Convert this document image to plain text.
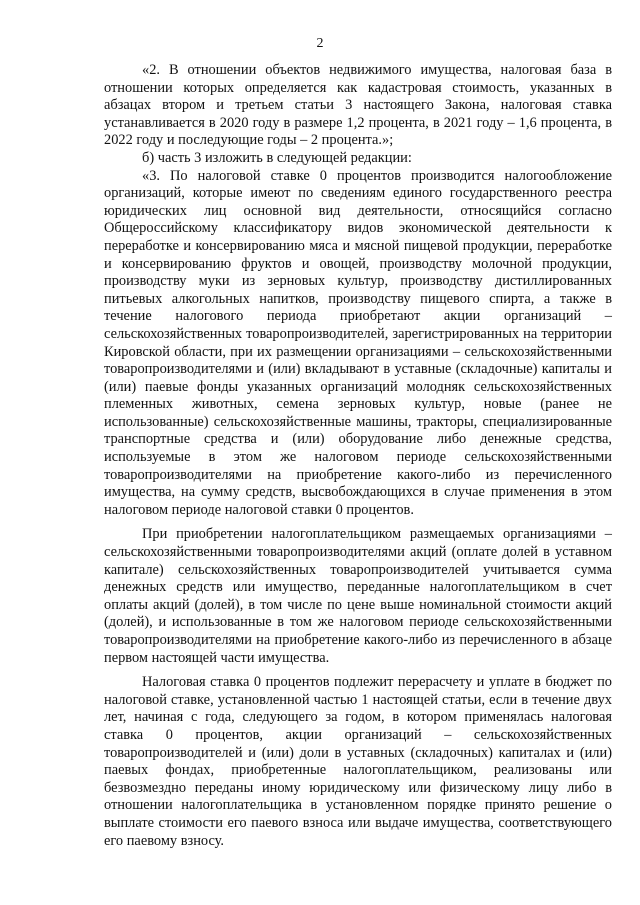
2

«2. В отношении объектов недвижимого имущества, налоговая база в отношении которых определяется как кадастровая стоимость, указанных в абзацах втором и третьем статьи 3 настоящего Закона, налоговая ставка устанавливается в 2020 году в размере 1,2 процента, в 2021 году – 1,6 процента, в 2022 году и последующие годы – 2 процента.»;

б) часть 3 изложить в следующей редакции:

«3. По налоговой ставке 0 процентов производится налогообложение организаций, которые имеют по сведениям единого государственного реестра юридических лиц основной вид деятельности, относящийся согласно Общероссийскому классификатору видов экономической деятельности к переработке и консервированию мяса и мясной пищевой продукции, переработке и консервированию фруктов и овощей, производству молочной продукции, производству муки из зерновых культур, производству дистиллированных питьевых алкогольных напитков, производству пищевого спирта, а также в течение налогового периода приобретают акции организаций – сельскохозяйственных товаропроизводителей, зарегистрированных на территории Кировской области, при их размещении организациями – сельскохозяйственными товаропроизводителями и (или) вкладывают в уставные (складочные) капиталы и (или) паевые фонды указанных организаций молодняк сельскохозяйственных племенных животных, семена зерновых культур, новые (ранее не использованные) сельскохозяйственные машины, тракторы, специализированные транспортные средства и (или) оборудование либо денежные средства, используемые в этом же налоговом периоде сельскохозяйственными товаропроизводителями на приобретение какого-либо из перечисленного имущества, на сумму средств, высвобождающихся в случае применения в этом налоговом периоде налоговой ставки 0 процентов.

При приобретении налогоплательщиком размещаемых организациями – сельскохозяйственными товаропроизводителями акций (оплате долей в уставном капитале) сельскохозяйственных товаропроизводителей учитывается сумма денежных средств или имущество, переданные налогоплательщиком в счет оплаты акций (долей), в том числе по цене выше номинальной стоимости акций (долей), и использованные в том же налоговом периоде сельскохозяйственными товаропроизводителями на приобретение какого-либо из перечисленного в абзаце первом настоящей части имущества.

Налоговая ставка 0 процентов подлежит перерасчету и уплате в бюджет по налоговой ставке, установленной частью 1 настоящей статьи, если в течение двух лет, начиная с года, следующего за годом, в котором применялась налоговая ставка 0 процентов, акции организаций – сельскохозяйственных товаропроизводителей и (или) доли в уставных (складочных) капиталах и (или) паевых фондах, приобретенные налогоплательщиком, реализованы или безвозмездно переданы иному юридическому или физическому лицу либо в отношении налогоплательщика в установленном порядке принято решение о выплате стоимости его паевого взноса или выдаче имущества, соответствующего его паевому взносу.
